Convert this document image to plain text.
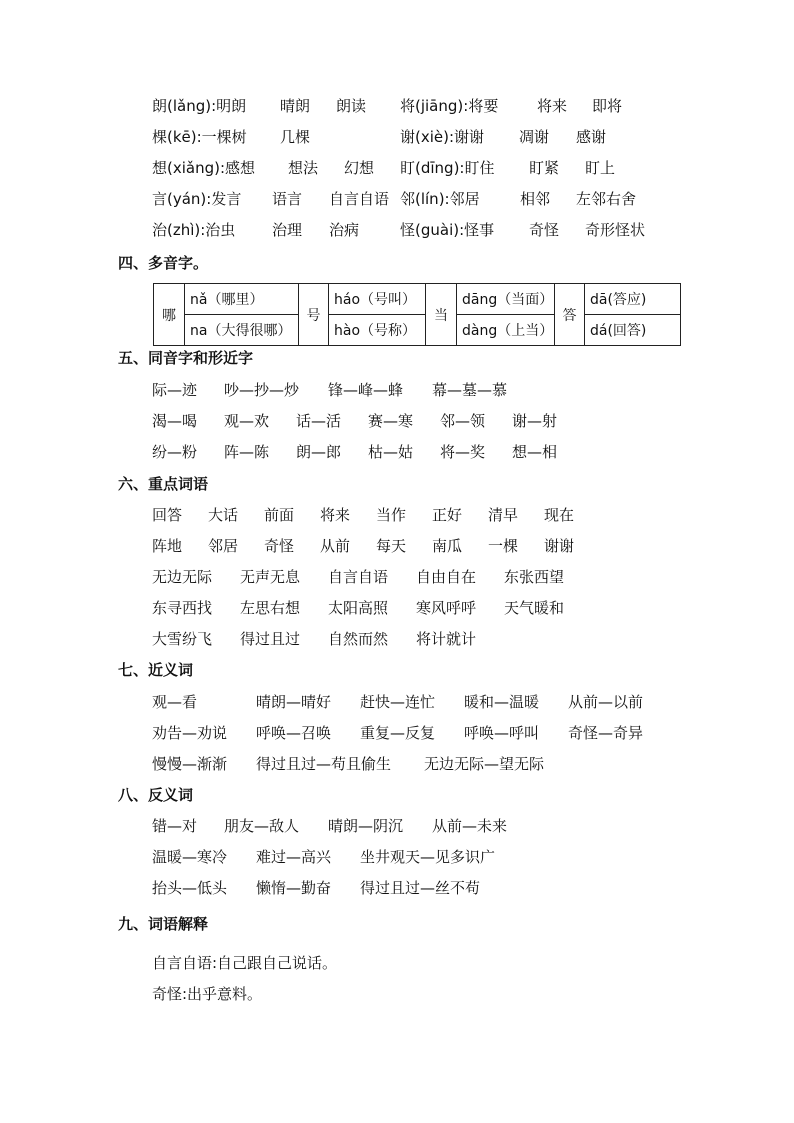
朗(lǎng):明朗 晴朗 朗读 将(jiāng):将要	将来 即将
棵(kē):一棵树 几棵	谢(xiè):谢谢 凋谢 感谢
想(xiǎng):感想 想法 幻想 盯(dīng):盯住 盯紧 盯上
言(yán):发言 语言 自言自语 邻(lín):邻居	相邻 左邻右舍
治(zhì):治虫 治理 治病	怪(guài):怪事 奇怪 奇形怪状
四、多音字。
哪	nǎ（哪里）	号	háo（号叫）	当	dāng（当面）	答	dā(答应)
	na（大得很哪）		hào（号称）		dàng（上当）		dá(回答)
五、同音字和形近字
际—迹 吵—抄—炒 锋—峰—蜂 幕—墓—慕
渴—喝 观—欢 话—活 赛—寒 邻—领 谢—射
纷—粉 阵—陈 朗—郎 枯—姑 将—奖 想—相
六、重点词语
回答 大话 前面 将来 当作 正好 清早 现在
阵地 邻居 奇怪 从前 每天 南瓜 一棵 谢谢
无边无际 无声无息 自言自语 自由自在 东张西望
东寻西找 左思右想 太阳高照 寒风呼呼 天气暖和
大雪纷飞 得过且过 自然而然 将计就计
七、近义词
观—看	晴朗—晴好 赶快—连忙 暖和—温暖 从前—以前
劝告—劝说 呼唤—召唤 重复—反复 呼唤—呼叫 奇怪—奇异
慢慢—渐渐 得过且过—苟且偷生 无边无际—望无际
八、反义词
错—对 朋友—敌人 晴朗—阴沉 从前—未来
温暖—寒冷 难过—高兴 坐井观天—见多识广
抬头—低头 懒惰—勤奋 得过且过—丝不苟
九、词语解释
自言自语:自己跟自己说话。
奇怪:出乎意料。
